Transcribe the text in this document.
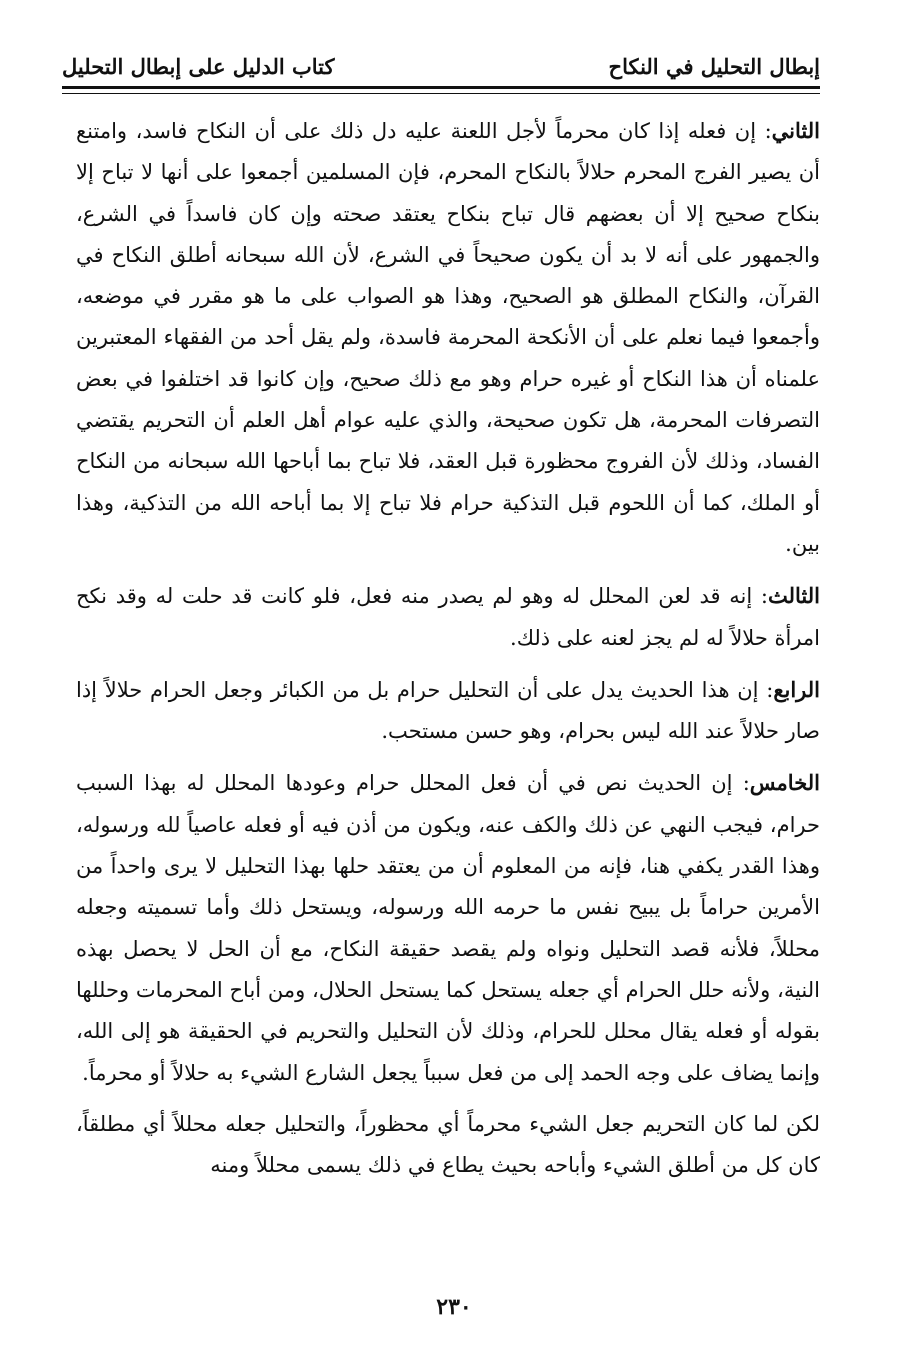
إبطال التحليل في النكاح
كتاب الدليل على إبطال التحليل

الثاني: إن فعله إذا كان محرماً لأجل اللعنة عليه دل ذلك على أن النكاح فاسد، وامتنع أن يصير الفرج المحرم حلالاً بالنكاح المحرم، فإن المسلمين أجمعوا على أنها لا تباح إلا بنكاح صحيح إلا أن بعضهم قال تباح بنكاح يعتقد صحته وإن كان فاسداً في الشرع، والجمهور على أنه لا بد أن يكون صحيحاً في الشرع، لأن الله سبحانه أطلق النكاح في القرآن، والنكاح المطلق هو الصحيح، وهذا هو الصواب على ما هو مقرر في موضعه، وأجمعوا فيما نعلم على أن الأنكحة المحرمة فاسدة، ولم يقل أحد من الفقهاء المعتبرين علمناه أن هذا النكاح أو غيره حرام وهو مع ذلك صحيح، وإن كانوا قد اختلفوا في بعض التصرفات المحرمة، هل تكون صحيحة، والذي عليه عوام أهل العلم أن التحريم يقتضي الفساد، وذلك لأن الفروج محظورة قبل العقد، فلا تباح بما أباحها الله سبحانه من النكاح أو الملك، كما أن اللحوم قبل التذكية حرام فلا تباح إلا بما أباحه الله من التذكية، وهذا بين.

الثالث: إنه قد لعن المحلل له وهو لم يصدر منه فعل، فلو كانت قد حلت له وقد نكح امرأة حلالاً له لم يجز لعنه على ذلك.

الرابع: إن هذا الحديث يدل على أن التحليل حرام بل من الكبائر وجعل الحرام حلالاً إذا صار حلالاً عند الله ليس بحرام، وهو حسن مستحب.

الخامس: إن الحديث نص في أن فعل المحلل حرام وعودها المحلل له بهذا السبب حرام، فيجب النهي عن ذلك والكف عنه، ويكون من أذن فيه أو فعله عاصياً لله ورسوله، وهذا القدر يكفي هنا، فإنه من المعلوم أن من يعتقد حلها بهذا التحليل لا يرى واحداً من الأمرين حراماً بل يبيح نفس ما حرمه الله ورسوله، ويستحل ذلك وأما تسميته وجعله محللاً، فلأنه قصد التحليل ونواه ولم يقصد حقيقة النكاح، مع أن الحل لا يحصل بهذه النية، ولأنه حلل الحرام أي جعله يستحل كما يستحل الحلال، ومن أباح المحرمات وحللها بقوله أو فعله يقال محلل للحرام، وذلك لأن التحليل والتحريم في الحقيقة هو إلى الله، وإنما يضاف على وجه الحمد إلى من فعل سبباً يجعل الشارع الشيء به حلالاً أو محرماً.

لكن لما كان التحريم جعل الشيء محرماً أي محظوراً، والتحليل جعله محللاً أي مطلقاً، كان كل من أطلق الشيء وأباحه بحيث يطاع في ذلك يسمى محللاً ومنه

٢٣٠
